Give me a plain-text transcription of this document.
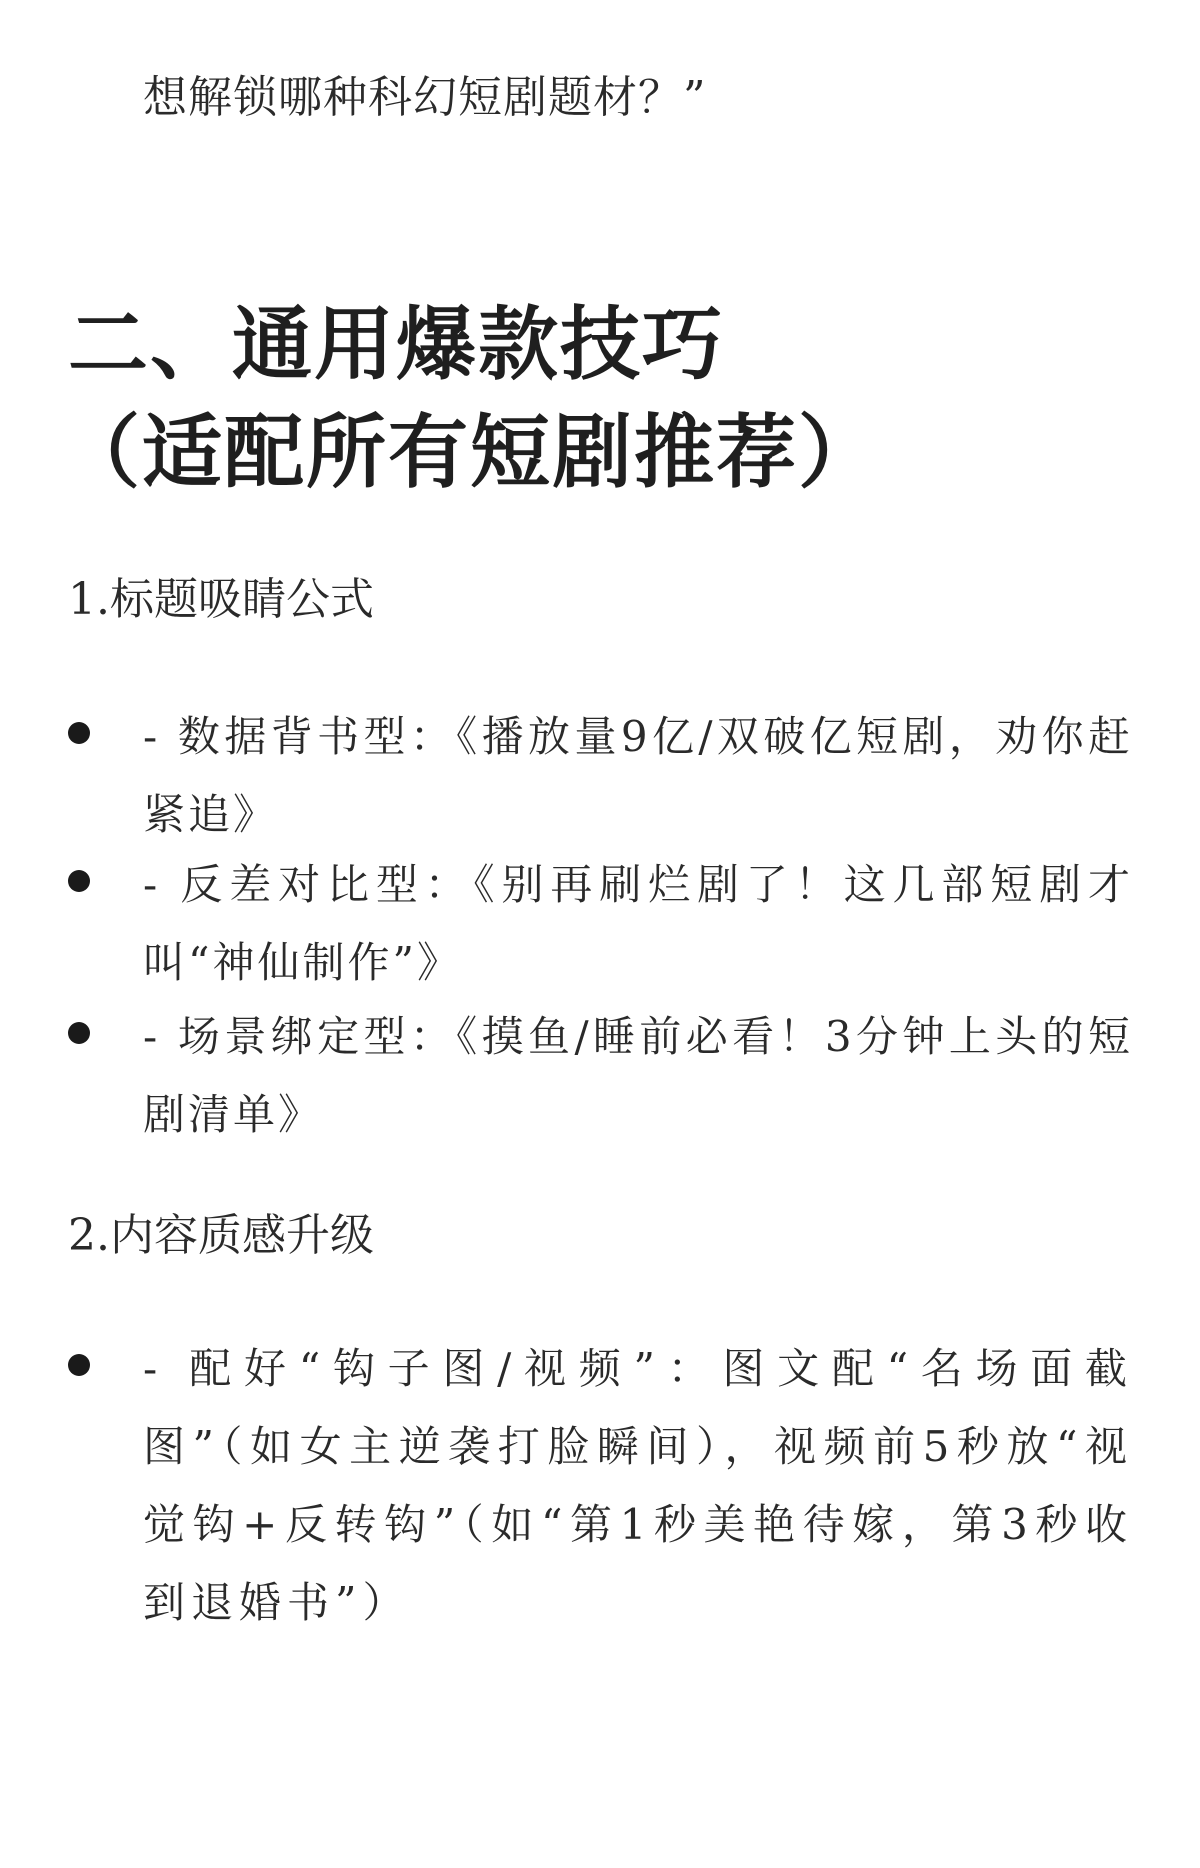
想解锁哪种科幻短剧题材？”
二、通用爆款技巧
（适配所有短剧推荐）
1.标题吸睛公式
- 数据背书型：《播放量9亿/双破亿短剧，劝你赶紧追》
- 反差对比型：《别再刷烂剧了！这几部短剧才叫“神仙制作”》
- 场景绑定型：《摸鱼/睡前必看！3分钟上头的短剧清单》
2.内容质感升级
- 配好“钩子图/视频”：图文配“名场面截图”（如女主逆袭打脸瞬间），视频前5秒放“视觉钩+反转钩”（如“第1秒美艳待嫁，第3秒收到退婚书”）
